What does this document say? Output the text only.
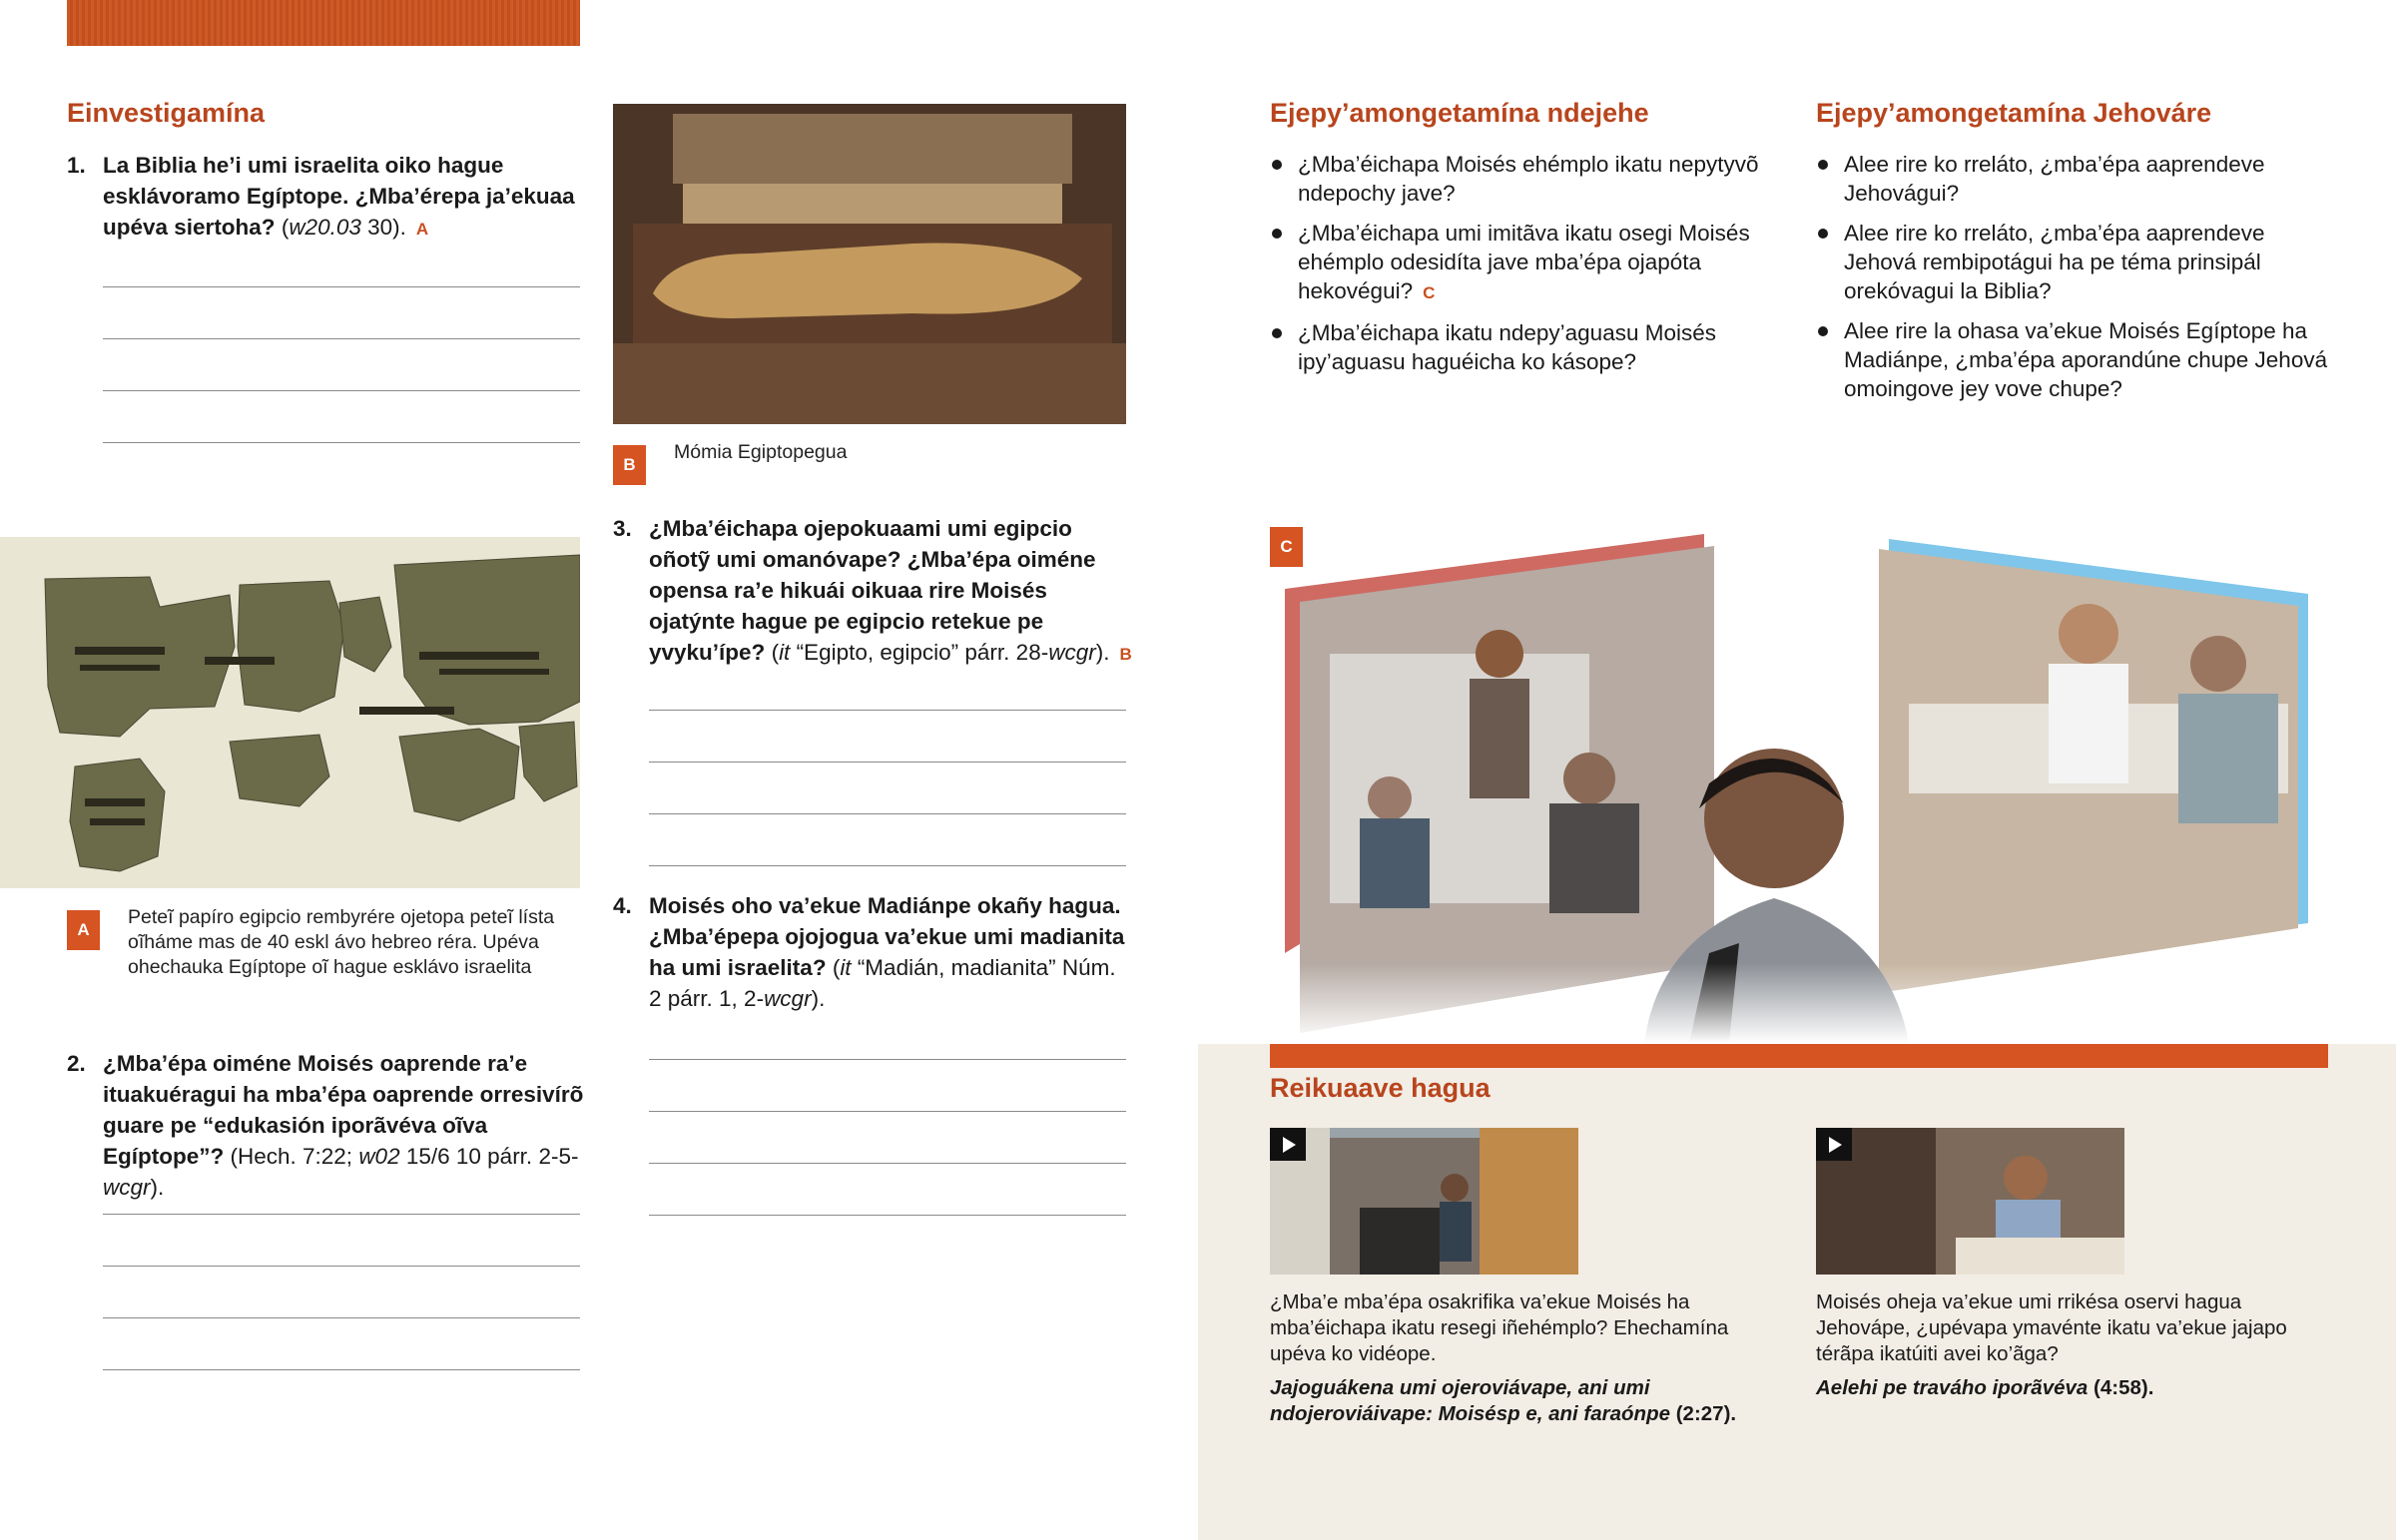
Einvestigamína
1. La Biblia he’i umi israelita oiko hague esklávoramo Egíptope. ¿Mba’érepa ja’ekuaa upéva siertoha? (w20.03 30). A
A
Peteĩ papíro egipcio rembyrére ojetopa peteĩ lísta oĩháme mas de 40 eskl ávo hebreo réra. Upéva ohechauka Egíptope oĩ hague esklávo israelita
2. ¿Mba’épa oiméne Moisés oaprende ra’e ituakuéragui ha mba’épa oaprende orresivírõ guare pe “edukasión iporãvéva oĩva Egíptope”? (Hech. 7:22; w02 15/6 10 párr. 2-5-wcgr).
B
Mómia Egiptopegua
3. ¿Mba’éichapa ojepokuaami umi egipcio oñotỹ umi omanóvape? ¿Mba’épa oiméne opensa ra’e hikuái oikuaa rire Moisés ojatýnte hague pe egipcio retekue pe yvyku’ípe? (it “Egipto, egipcio” párr. 28-wcgr). B
4. Moisés oho va’ekue Madiánpe okañy hagua. ¿Mba’épepa ojojogua va’ekue umi madianita ha umi israelita? (it “Madián, madianita” Núm. 2 párr. 1, 2-wcgr).
Ejepy’amongetamína ndejehe
¿Mba’éichapa Moisés ehémplo ikatu nepytyvõ ndepochy jave?
¿Mba’éichapa umi imitãva ikatu osegi Moisés ehémplo odesidíta jave mba’épa ojapóta hekovégui? C
¿Mba’éichapa ikatu ndepy’aguasu Moisés ipy’aguasu haguéicha ko kásope?
Ejepy’amongetamína Jehováre
Alee rire ko rreláto, ¿mba’épa aaprendeve Jehovágui?
Alee rire ko rreláto, ¿mba’épa aaprendeve Jehová rembipotágui ha pe téma prinsipál orekóvagui la Biblia?
Alee rire la ohasa va’ekue Moisés Egíptope ha Madiánpe, ¿mba’épa aporandúne chupe Jehová omoingove jey vove chupe?
C
Reikuaave hagua
¿Mba’e mba’épa osakrifika va’ekue Moisés ha mba’éichapa ikatu resegi iñehémplo? Ehechamína upéva ko vidéope.
Jajoguákena umi ojeroviávape, ani umi ndojeroviáivape: Moisésp e, ani faraónpe (2:27).
Moisés oheja va’ekue umi rrikésa oservi hagua Jehovápe, ¿upévapa ymavénte ikatu va’ekue jajapo térãpa ikatúiti avei ko’ãga?
Aelehi pe traváho iporãvéva (4:58).
